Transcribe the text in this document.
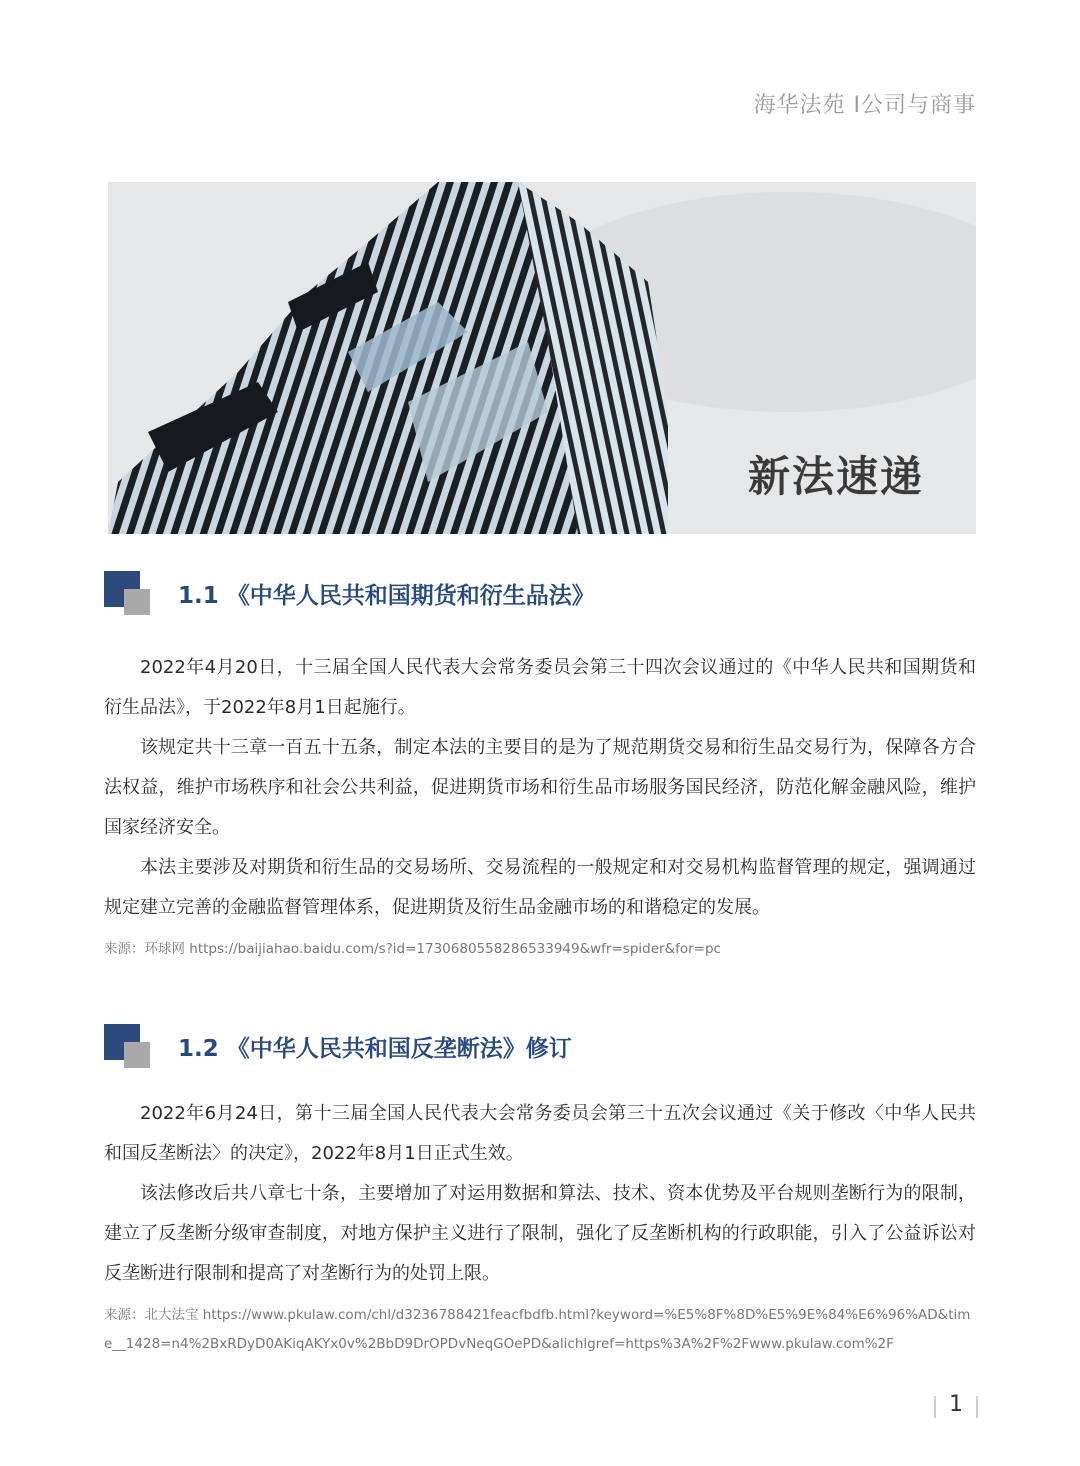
海华法苑 I公司与商事
新法速递
1.1 《中华人民共和国期货和衍生品法》
2022年4月20日，十三届全国人民代表大会常务委员会第三十四次会议通过的《中华人民共和国期货和衍生品法》，于2022年8月1日起施行。
该规定共十三章一百五十五条，制定本法的主要目的是为了规范期货交易和衍生品交易行为，保障各方合法权益，维护市场秩序和社会公共利益，促进期货市场和衍生品市场服务国民经济，防范化解金融风险，维护国家经济安全。
本法主要涉及对期货和衍生品的交易场所、交易流程的一般规定和对交易机构监督管理的规定，强调通过规定建立完善的金融监督管理体系，促进期货及衍生品金融市场的和谐稳定的发展。
来源：环球网 https://baijiahao.baidu.com/s?id=1730680558286533949&wfr=spider&for=pc
1.2 《中华人民共和国反垄断法》修订
2022年6月24日，第十三届全国人民代表大会常务委员会第三十五次会议通过《关于修改〈中华人民共和国反垄断法〉的决定》，2022年8月1日正式生效。
该法修改后共八章七十条，主要增加了对运用数据和算法、技术、资本优势及平台规则垄断行为的限制，建立了反垄断分级审查制度，对地方保护主义进行了限制，强化了反垄断机构的行政职能，引入了公益诉讼对反垄断进行限制和提高了对垄断行为的处罚上限。
来源：北大法宝 https://www.pkulaw.com/chl/d3236788421feacfbdfb.html?keyword=%E5%8F%8D%E5%9E%84%E6%96%AD&time__1428=n4%2BxRDyD0AKiqAKYx0v%2BbD9DrOPDvNeqGOePD&alichlgref=https%3A%2F%2Fwww.pkulaw.com%2F
1
